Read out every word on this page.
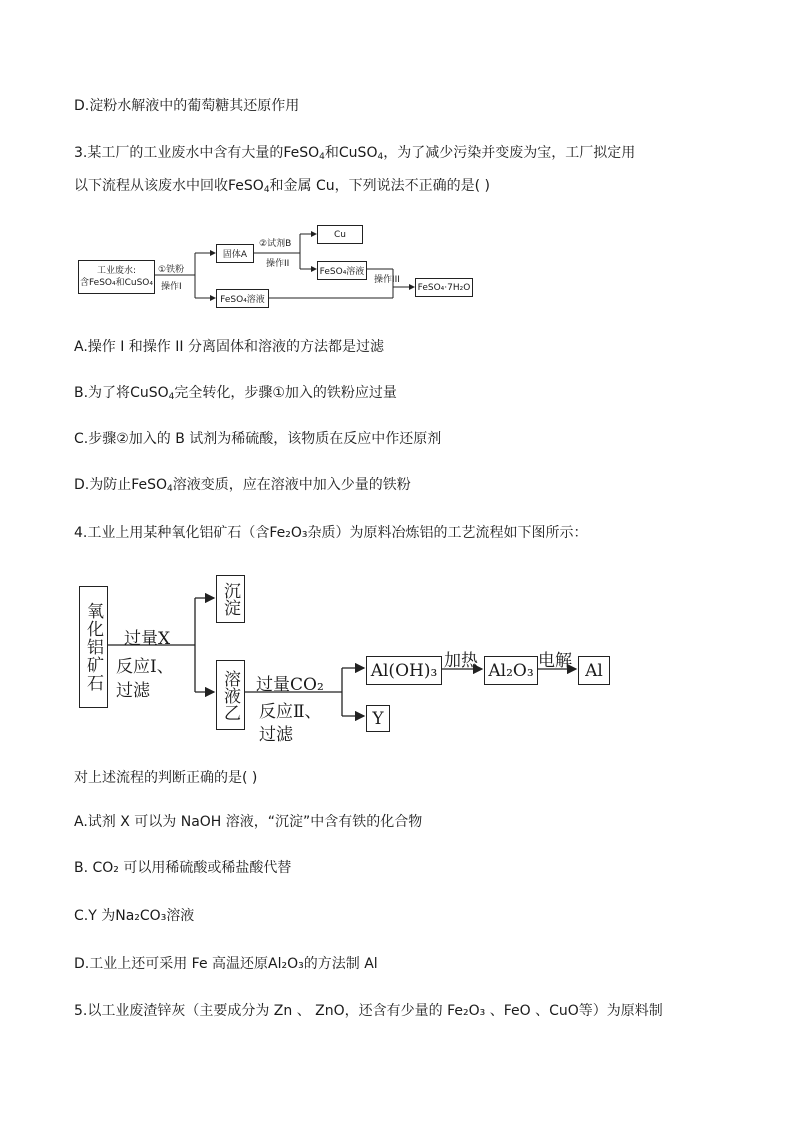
D.淀粉水解液中的葡萄糖其还原作用
3.某工厂的工业废水中含有大量的FeSO$_4$和CuSO$_4$，为了减少污染并变废为宝，工厂拟定用
以下流程从该废水中回收FeSO$_4$和金属 Cu，下列说法不正确的是( )
工业废水:
含FeSO₄和CuSO₄
①铁粉
操作I
固体A
②试剂B
操作II
Cu
FeSO₄溶液
操作III
FeSO₄·7H₂O
FeSO₄溶液
A.操作 I 和操作 II 分离固体和溶液的方法都是过滤
B.为了将CuSO$_4$完全转化，步骤①加入的铁粉应过量
C.步骤②加入的 B 试剂为稀硫酸，该物质在反应中作还原剂
D.为防止FeSO$_4$溶液变质，应在溶液中加入少量的铁粉
4.工业上用某种氧化铝矿石（含Fe₂O₃杂质）为原料冶炼铝的工艺流程如下图所示：
氧化铝矿石 过量X
反应Ⅰ、
过滤
沉淀
溶液乙 过量CO₂
反应Ⅱ、
过滤
Al(OH)₃ 加热 Al₂O₃ 电解 Al
Y
对上述流程的判断正确的是( )
A.试剂 X 可以为 NaOH 溶液，“沉淀”中含有铁的化合物
B. CO₂ 可以用稀硫酸或稀盐酸代替
C.Y 为Na₂CO₃溶液
D.工业上还可采用 Fe 高温还原Al₂O₃的方法制 Al
5.以工业废渣锌灰（主要成分为 Zn 、 ZnO，还含有少量的 Fe₂O₃ 、FeO 、CuO等）为原料制
